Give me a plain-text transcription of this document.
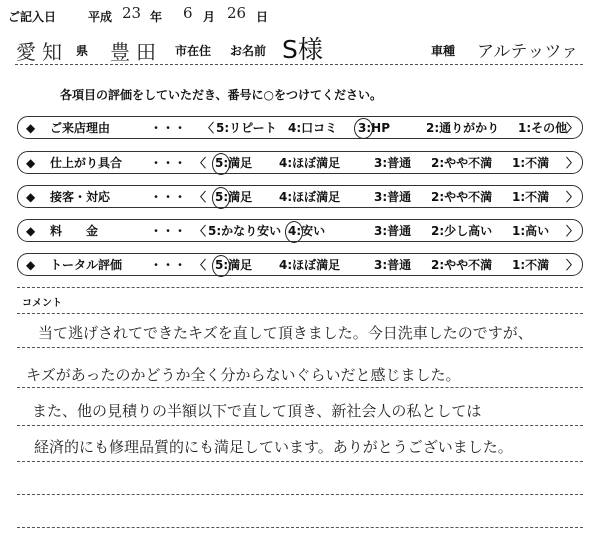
ご記入日	平成 23 年 6 月 26 日
愛知 県 豊田 市在住 お名前 S様	車種 アルテッツァ
各項目の評価をしていただき、番号に○をつけてください。
◆ ご来店理由	・・・ 〈 5:リピート 4:口コミ 3:HP	2:通りがかり 1:その他
〉
◆ 仕上がり具合 ・・・ 〈 5:満足 4:ほぼ満足	3:普通 2:やや不満 1:不満 〉
◆ 接客・対応	・・・ 〈 5:満足 4:ほぼ満足	3:普通 2:やや不満 1:不満 〉
◆ 料　　金	・・・ 〈 5:かなり安い 4:安い	3:普通 2:少し高い 1:高い 〉
◆ トータル評価 ・・・ 〈 5:満足 4:ほぼ満足	3:普通 2:やや不満 1:不満 〉
コメント
当て逃げされてできたキズを直して頂きました。今日洗車したのですが、
キズがあったのかどうか全く分からないぐらいだと感じました。
また、他の見積りの半額以下で直して頂き、新社会人の私としては
経済的にも修理品質的にも満足しています。ありがとうございました。
